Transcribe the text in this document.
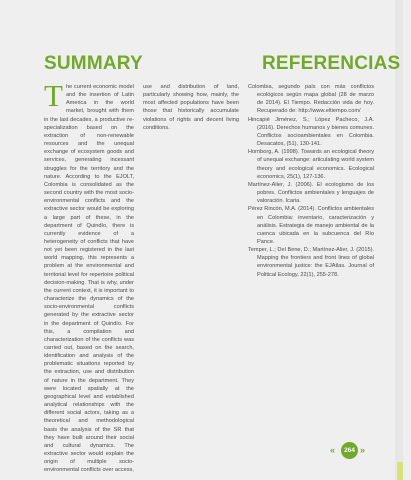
SUMMARY	REFERENCIAS
The current economic model and the insertion of Latin America in the world market, brought with them in the last decades, a productive re-specialization based on the extraction of non-renewable resources and the unequal exchange of ecosystem goods and services, generating incessant struggles for the territory and the nature. According to the EJOLT, Colombia is consolidated as the second country with the most socio-environmental conflicts and the extractive sector would be exploring a large part of these, in the department of Quindío, there is currently evidence of a heterogeneity of conflicts that have not yet been registered in the last world mapping, this represents a problem at the environmental and territorial level for repertoire political decision-making. That is why, under the current context, it is important to characterize the dynamics of the socio-environmental conflicts generated by the extractive sector in the department of Quindío. For this, a compilation and characterization of the conflicts was carried out, based on the search, identification and analysis of the problematic situations reported by the extraction, use and distribution of nature in the department. They were located spatially at the geographical level and established analytical relationships with the different social actors, taking as a theoretical and methodological basis the analysis of the SR that they have built around their social and cultural dynamics. The extractive sector would explain the origin of multiple socio-environmental conflicts over access,
use and distribution of land, particularly showing how, mainly, the most affected populations have been those that historically accumulate violations of rights and decent living conditions.

Colombia, segundo país con más conflictos ecológicos según mapa global (28 de marzo de 2014). El Tiempo. Redacción vida de hoy. Recuperado de: http://www.eltiempo.com/

Hincapié Jiménez, S.; López Pacheco, J.A. (2016). Derechos humanos y bienes comunes. Conflictos socioambientales en Colombia. Desacatos, (51), 130-141.

Hornborg, A. (1998). Towards an ecological theory of unequal exchange: articulating world system theory and ecological economics. Ecological economics, 25(1), 127-136.

Martínez-Alier, J. (2006). El ecologismo de los pobres. Conflictos ambientales y lenguajes de valoración. Icaria.

Pérez Rincón, M.A. (2014). Conflictos ambientales en Colombia: inventario, caracterización y análisis. Estrategia de manejo ambiental de la cuenca ubicada en la subcuenca del Río Pance.

Temper, L.; Del Bene, D.; Martínez-Alier, J. (2015). Mapping the frontiers and front lines of global environmental justice: the EJAtlas. Journal of Political Ecology, 22(1), 255-278.

«	264 »
